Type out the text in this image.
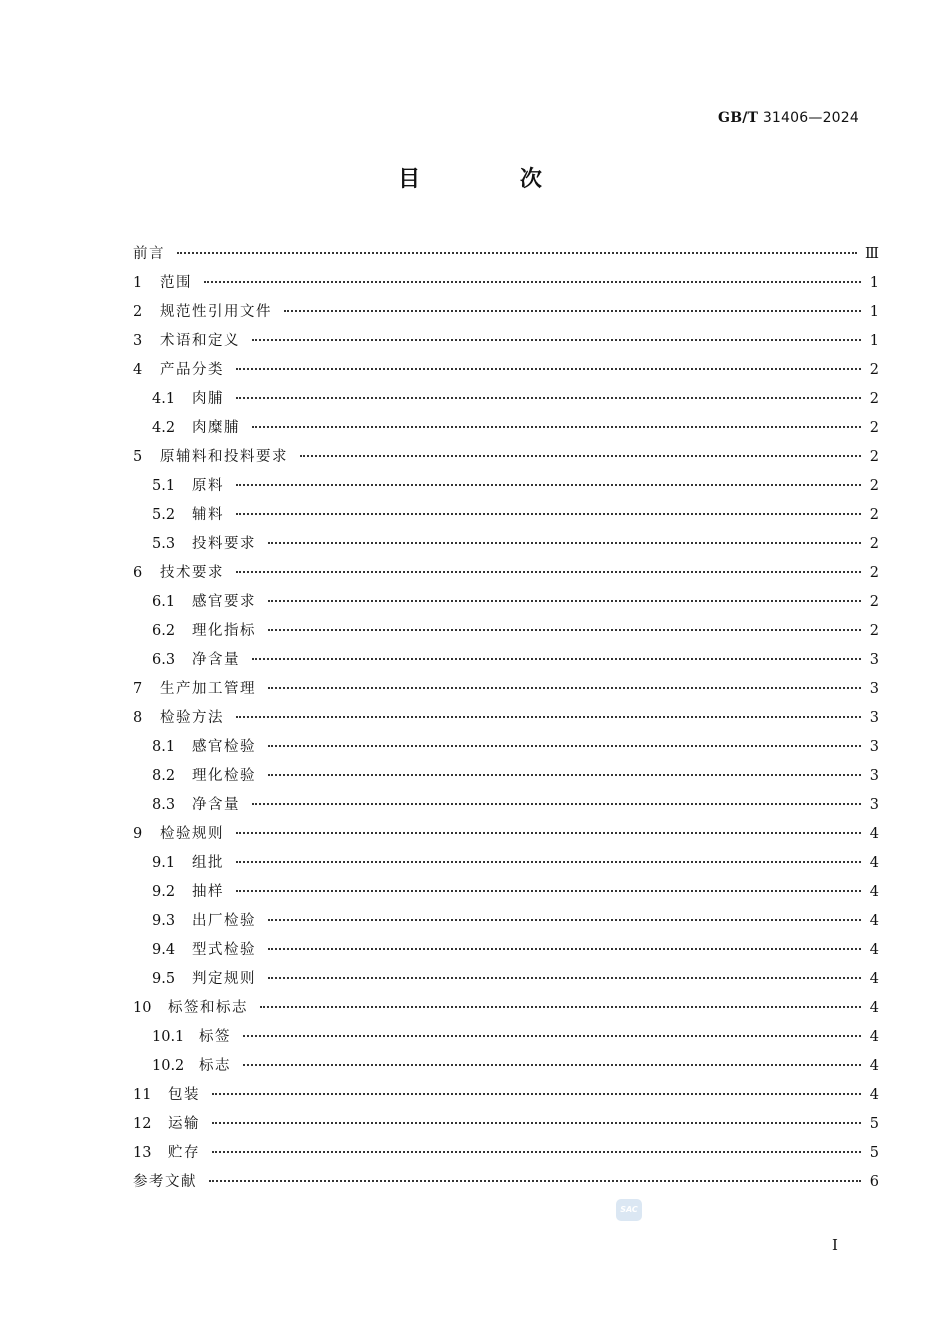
GB/T 31406—2024
目 次
前言	Ⅲ
1	范围	1
2	规范性引用文件	1
3	术语和定义	1
4	产品分类	2
4.1	肉脯	2
4.2	肉糜脯	2
5	原辅料和投料要求	2
5.1	原料	2
5.2	辅料	2
5.3	投料要求	2
6	技术要求	2
6.1	感官要求	2
6.2	理化指标	2
6.3	净含量	3
7	生产加工管理	3
8	检验方法	3
8.1	感官检验	3
8.2	理化检验	3
8.3	净含量	3
9	检验规则	4
9.1	组批	4
9.2	抽样	4
9.3	出厂检验	4
9.4	型式检验	4
9.5	判定规则	4
10	标签和标志	4
10.1	标签	4
10.2	标志	4
11	包装	4
12	运输	5
13	贮存	5
参考文献	6
SAC
I
